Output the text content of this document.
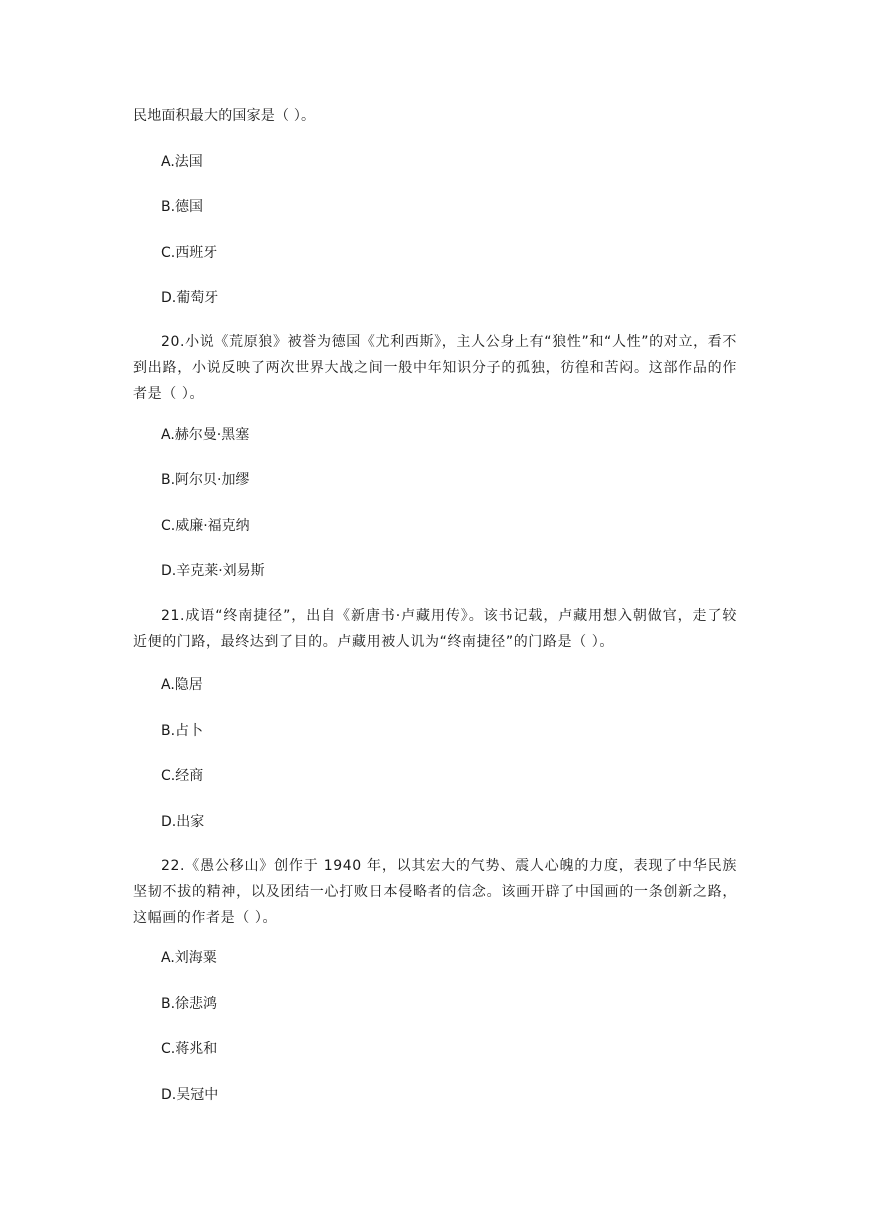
民地面积最大的国家是（ ）。
A.法国
B.德国
C.西班牙
D.葡萄牙
20.小说《荒原狼》被誉为德国《尤利西斯》，主人公身上有“狼性”和“人性”的对立，看不到出路，小说反映了两次世界大战之间一般中年知识分子的孤独，彷徨和苦闷。这部作品的作者是（ ）。
A.赫尔曼·黑塞
B.阿尔贝·加缪
C.威廉·福克纳
D.辛克莱·刘易斯
21.成语“终南捷径”，出自《新唐书·卢藏用传》。该书记载，卢藏用想入朝做官，走了较近便的门路，最终达到了目的。卢藏用被人讥为“终南捷径”的门路是（ ）。
A.隐居
B.占卜
C.经商
D.出家
22.《愚公移山》创作于 1940 年，以其宏大的气势、震人心魄的力度，表现了中华民族坚韧不拔的精神，以及团结一心打败日本侵略者的信念。该画开辟了中国画的一条创新之路，这幅画的作者是（ ）。
A.刘海粟
B.徐悲鸿
C.蒋兆和
D.吴冠中
